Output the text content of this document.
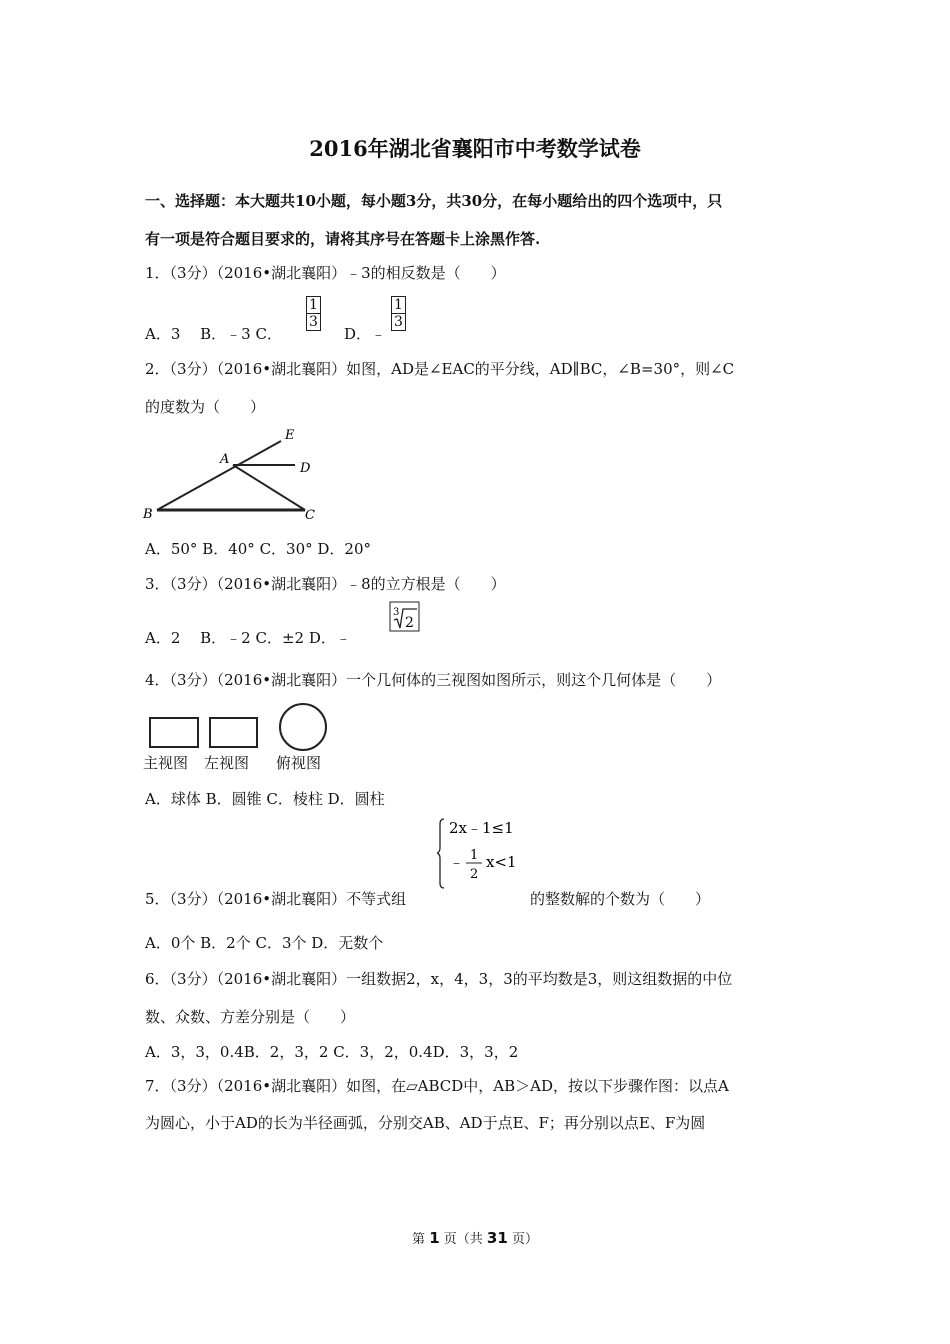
2016年湖北省襄阳市中考数学试卷
一、选择题：本大题共10小题，每小题3分，共30分，在每小题给出的四个选项中，只
有一项是符合题目要求的，请将其序号在答题卡上涂黑作答.
1．（3分）（2016•湖北襄阳）﹣3的相反数是（　　）
A．3　 B．﹣3 C．
$\frac{1}{3}$
D．﹣
$\frac{1}{3}$
2．（3分）（2016•湖北襄阳）如图，AD是∠EAC的平分线，AD∥BC，∠B=30°，则∠C
的度数为（　　）
E
A
D
B	C
A．50° B．40° C．30° D．20°
3．（3分）（2016•湖北襄阳）﹣8的立方根是（　　）
A．2　 B．﹣2 C．±2 D．﹣
3
2
4．（3分）（2016•湖北襄阳）一个几何体的三视图如图所示，则这个几何体是（　　）
主视图 左视图 俯视图
A．球体 B．圆锥 C．棱柱 D．圆柱
5．（3分）（2016•湖北襄阳）不等式组
2x﹣1≤1
﹣ 1
2
x<1
的整数解的个数为（　　）
A．0个 B．2个 C．3个 D．无数个
6．（3分）（2016•湖北襄阳）一组数据2，x，4，3，3的平均数是3，则这组数据的中位
数、众数、方差分别是（　　）
A．3，3，0.4B．2，3，2 C．3，2，0.4D．3，3，2
7．（3分）（2016•湖北襄阳）如图，在▱ABCD中，AB＞AD，按以下步骤作图：以点A
为圆心，小于AD的长为半径画弧，分别交AB、AD于点E、F；再分别以点E、F为圆
第 1 页（共 31 页）
